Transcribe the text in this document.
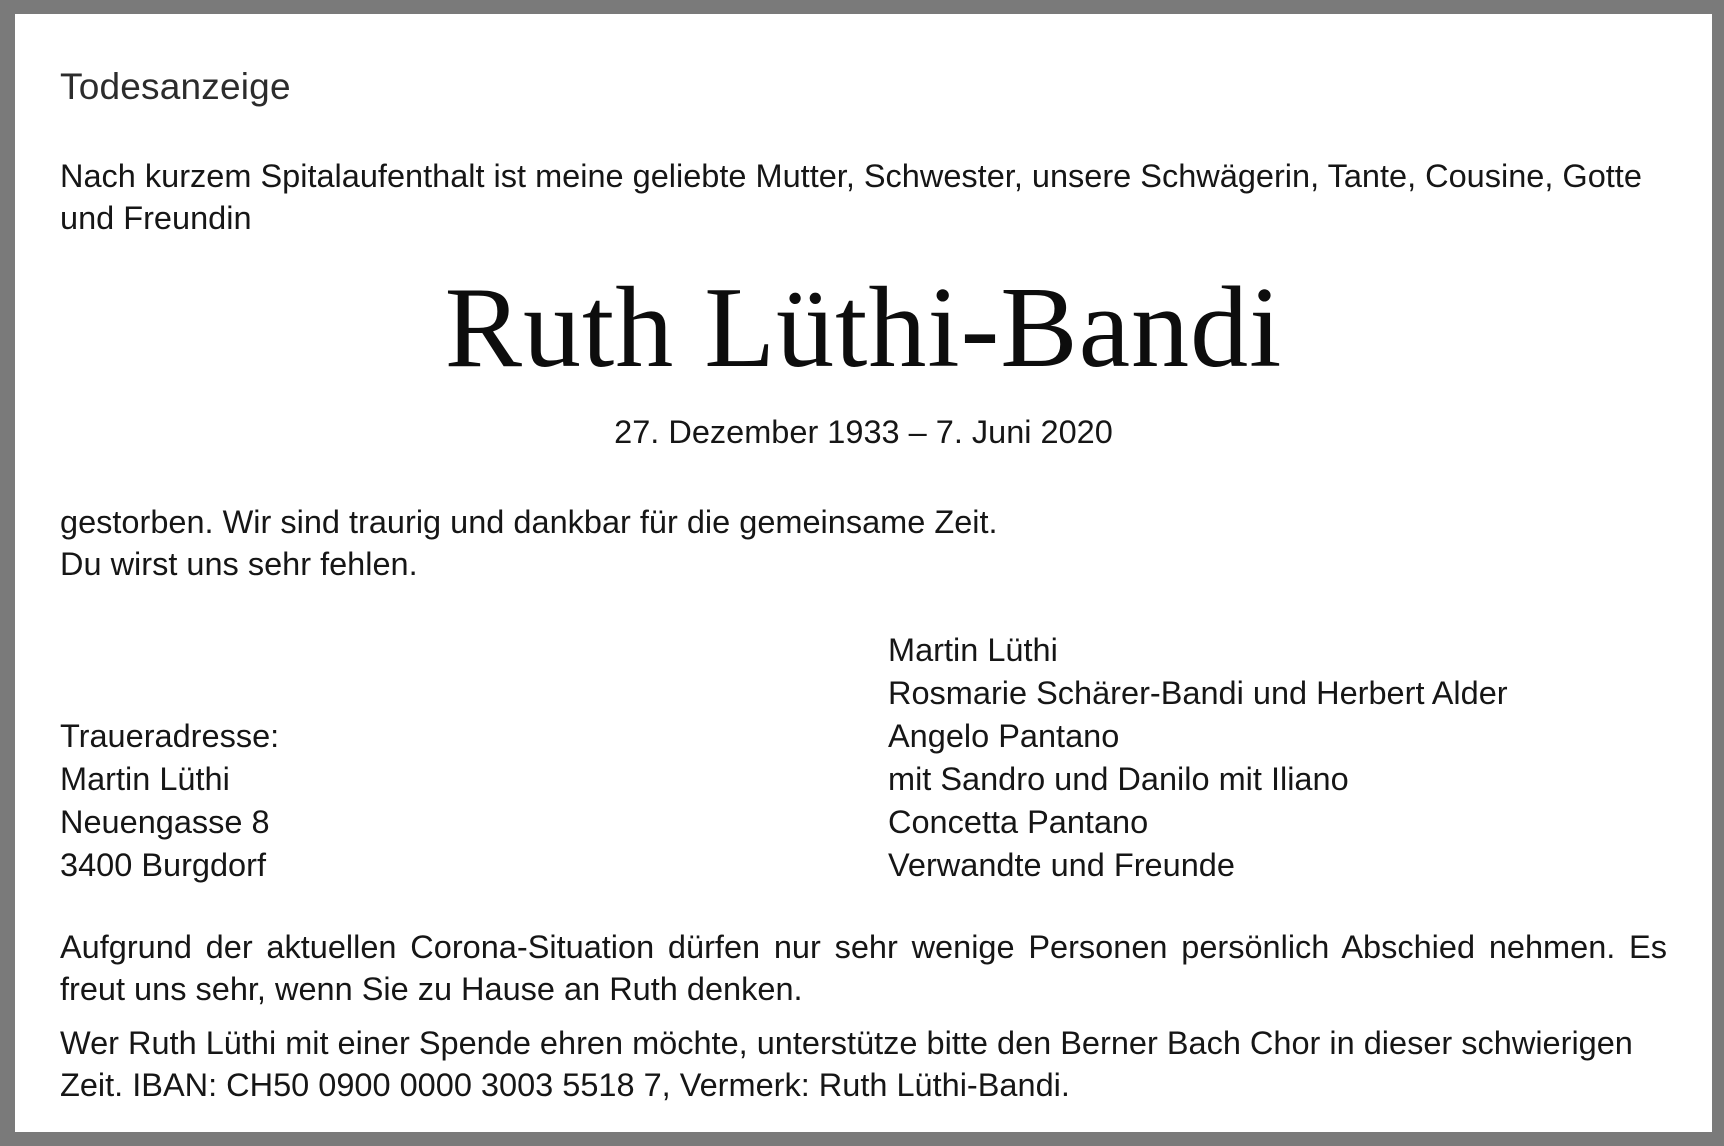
Todesanzeige
Nach kurzem Spitalaufenthalt ist meine geliebte Mutter, Schwester, unsere Schwägerin, Tante, Cousine, Gotte und Freundin
Ruth Lüthi-Bandi
27. Dezember 1933 – 7. Juni 2020
gestorben. Wir sind traurig und dankbar für die gemeinsame Zeit.
Du wirst uns sehr fehlen.
Traueradresse:
Martin Lüthi
Neuengasse 8
3400 Burgdorf
Martin Lüthi
Rosmarie Schärer-Bandi und Herbert Alder
Angelo Pantano
mit Sandro und Danilo mit Iliano
Concetta Pantano
Verwandte und Freunde
Aufgrund der aktuellen Corona-Situation dürfen nur sehr wenige Personen persönlich Abschied nehmen. Es freut uns sehr, wenn Sie zu Hause an Ruth denken.
Wer Ruth Lüthi mit einer Spende ehren möchte, unterstütze bitte den Berner Bach Chor in dieser schwierigen Zeit. IBAN: CH50 0900 0000 3003 5518 7, Vermerk: Ruth Lüthi-Bandi.
